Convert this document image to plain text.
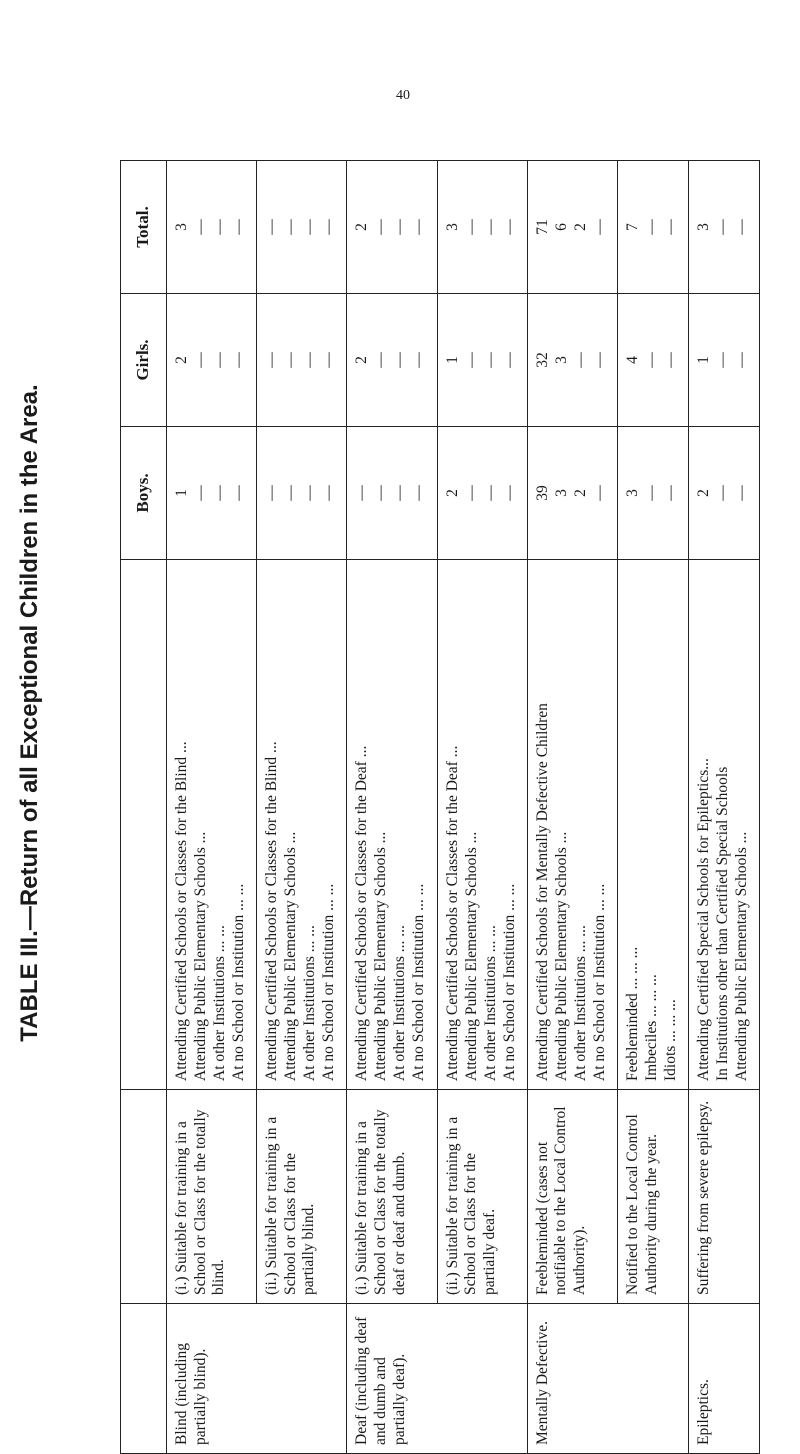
40
TABLE III.—Return of all Exceptional Children in the Area.
				Boys.	Girls.	Total.
Blind (including partially blind).	(i.) Suitable for training in a School or Class for the totally blind.	Attending Certified Schools or Classes for the Blind ... Attending Public Elementary Schools ... At other Institutions ... ... At no School or Institution ... ...	1 — — —	2 — — —	3 — — —

	(ii.) Suitable for training in a School or Class for the partially blind.	Attending Certified Schools or Classes for the Blind ... Attending Public Elementary Schools ... At other Institutions ... ... At no School or Institution ... ...	— — — —	— — — —	— — — —

Deaf (including deaf and dumb and partially deaf).	(i.) Suitable for training in a School or Class for the totally deaf or deaf and dumb.	Attending Certified Schools or Classes for the Deaf ... Attending Public Elementary Schools ... At other Institutions ... ... At no School or Institution ... ...	— — — —	2 — — —	2 — — —

	(ii.) Suitable for training in a School or Class for the partially deaf.	Attending Certified Schools or Classes for the Deaf ... Attending Public Elementary Schools ... At other Institutions ... ... At no School or Institution ... ...	2 — — —	1 — — —	3 — — —

Mentally Defective.	Feebleminded (cases not notifiable to the Local Control Authority).	Attending Certified Schools for Mentally Defective Children Attending Public Elementary Schools ... At other Institutions ... ... At no School or Institution ... ...	39 3 2 —	32 3 — —	71 6 2 —

	Notified to the Local Control Authority during the year.	Feebleminded ... ... ... Imbeciles ... ... ... Idiots ... ... ...	3 — —	4 — —	7 — —

Epileptics.	Suffering from severe epilepsy.	Attending Certified Special Schools for Epileptics... In Institutions other than Certified Special Schools Attending Public Elementary Schools ...	2 — —	1 — —	3 — —
